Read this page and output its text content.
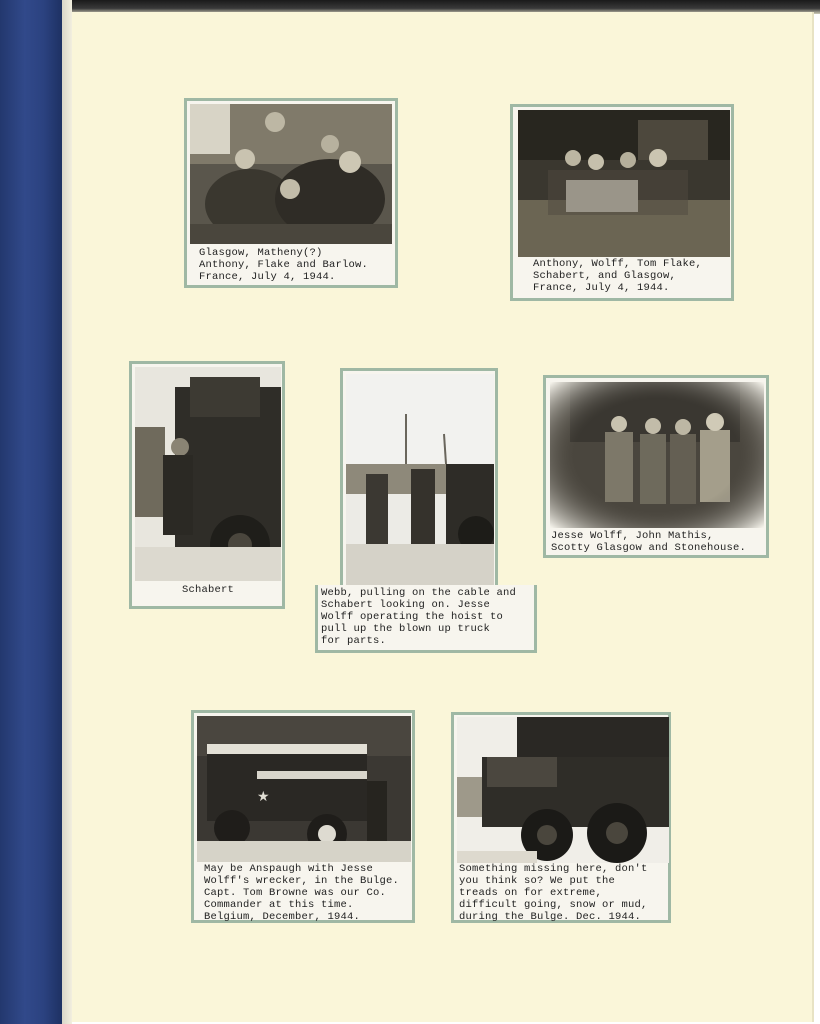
Glasgow, Matheny(?)
Anthony, Flake and Barlow.
France, July 4, 1944.
Anthony, Wolff, Tom Flake,
Schabert, and Glasgow,
France, July 4, 1944.
Schabert	Webb, pulling on the cable and
Schabert looking on. Jesse
Wolff operating the hoist to
pull up the blown up truck
for parts.
Jesse Wolff, John Mathis,
Scotty Glasgow and Stonehouse.
★
May be Anspaugh with Jesse
Wolff's wrecker, in the Bulge.
Capt. Tom Browne was our Co.
Commander at this time.
Belgium, December, 1944.
Something missing here, don't
you think so? We put the
treads on for extreme,
difficult going, snow or mud,
during the Bulge. Dec. 1944.
